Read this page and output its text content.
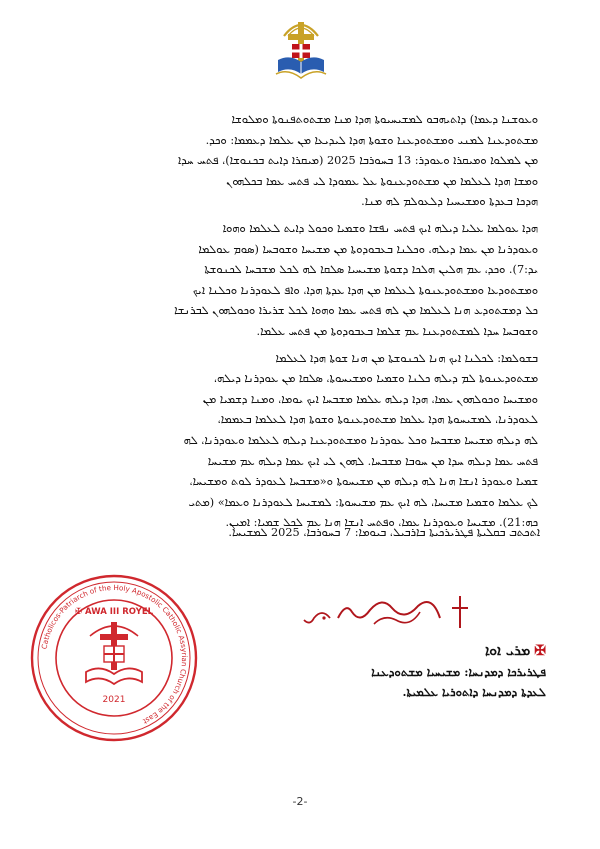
ܘܥܘܫܢܐ ܕܥܡܐ) ܕܐܬܝܗܒܘ ܠܡܫܝܚܝܘܬܐ ܗܕܐ ܡܢܐ ܡܫܬܘܬܦܢܘܬܐ ܘܡܠܘܫܐ

ܡܫܬܘܕܥܢܐ ܠܡܢܝ ܘܡܫܬܘܕܥܢܐ ܘܫܘܬܐ ܗܕܐ ܠܝܕܝܥܐ ܡܢ ܥܠܡܐ ܕܥܡܡܐ: ܘܟܕ.

ܡܢ ܠܡܠܘܐ ܘܡܝܩܪܐ ܘܥܘܕܪ: 13 ܒܚܘܪܒܐ 2025 (ܡܝܩܪܐ ܕܐܝܬ ܒܟܢܘܫܐ)، ܦܬܚ ܚܕܐ

ܘܡܫܐ ܗܕܐ ܠܥܠܡܐ ܡܢ ܡܫܬܘܕܥܢܘܬܐ ܥܠ ܥܡܘܕܐ ܠܝ ܦܬܚ ܥܡܐ ܒܟܠܗܘܢ

ܗܕܟܐ ܒܥܕܬܐ ܘܡܫܝܚܝܐ ܕܠܥܘܠܡ ܠܗ ܡܢܐ.

ܗܕܐ ܥܘܠܡܐ ܥܠܝܐ ܕܝܠܗ ܐܝܟ ܦܬܚ ܢܦܫܐ ܘܫܡܝܐ ܘܟܘܠ ܕܐܝܬ ܠܥܠܡܐ ܘܗܘܐ

ܘܥܘܕܪܢܐ ܡܢ ܥܡܐ ܕܝܠܗ، ܘܟܠܢܐ ܒܥܒܘܕܘܬܐ ܡܢ ܡܫܝܚܐ ܘܫܘܒܚܐ (ܣܘܡ ܥܘܠܡܐ

ܝܕ:7). ܘܟܕ، ܥܡ ܗܠܝܢ ܗܠܟܐ ܕܫܘܬܐ ܡܫܝܚܝܐ ܣܠܩܐ ܠܗ ܠܟܠ ܡܫܒܚܐ ܠܟܢܘܫܬܐ

ܘܡܫܬܘܕܥܐ ܘܡܫܬܘܕܥܢܘܬܐ ܠܥܠܡܐ ܡܢ ܗܕܐ ܥܕܬܐ ܗܕܐ، ܘܐܦ ܠܥܘܕܪܢܐ ܘܟܠܢܐ ܐܝܟ

ܟܠ ܕܡܫܬܘܕܥ ܗܢܐ ܠܥܠܡܐ ܡܢ ܠܗ ܦܬܚ ܥܡܐ ܘܗܘܐ ܠܟܠ ܫܪܝܪܐ ܘܟܘܠܗܘܢ ܠܒܪܢܫܐ

ܘܫܘܒܚܐ ܚܕܐ ܠܡܫܬܘܕܥܢܐ ܥܡ ܫܠܡܐ ܒܥܒܘܕܘܬܐ ܡܢ ܦܬܚ ܥܠܡܐ.

ܒܫܘܠܡܐ: ܠܟܠܢܐ ܐܝܟ ܗܢܐ ܠܟܢܘܫܬܐ ܡܢ ܗܢܐ ܫܘܬܐ ܗܕܐ ܠܥܠܡܐ

ܡܫܬܘܕܥܢܘܬܐ ܠܡ ܕܝܠܗ ܟܠܢܐ ܘܫܡܝܐ ܘܡܫܝܚܘܬܐ، ܣܠܩܐ ܡܢ ܥܘܕܪܢܐ ܕܝܠܗ،

ܘܡܫܝܚܐ ܘܟܘܠܗܘܢ ܥܡܐ، ܗܕܐ ܕܝܠܗ ܥܠܡܐ ܡܫܒܚܐ ܐܝܟ ܝܘܡܐ، ܘܡܢܐ ܕܫܡܝܐ ܡܢ

ܠܥܘܕܪܢܐ، ܠܡܫܝܚܘܬܐ ܗܕܐ ܥܠܡܐ ܡܫܬܘܕܥܢܘܬܐ ܘܫܘܬܐ ܗܕܐ ܠܥܠܡܐ ܒܥܡܡܐ،

ܠܗ ܕܝܠܗ ܡܫܝܚܐ ܡܫܒܚܐ ܘܟܠ ܥܘܕܪܢܐ ܘܡܫܬܘܕܥܢܐ ܕܝܠܗ ܠܥܠܡܐ ܘܥܘܕܪܢܐ، ܠܗ

ܦܬܚ ܥܡܐ ܕܝܠܗ ܚܕܐ ܡܢ ܚܘܒܐ ܡܫܒܚܐ. ܠܗܘܢ ܠܝ ܐܝܟ ܥܡܐ ܕܝܠܗ ܥܡ ܡܫܝܚܐ

ܫܡܝܐ ܘܥܘܕܪ ܐܢܫܐ ܗܢܐ ܠܗ ܕܝܠܗ ܡܢ ܡܫܝܚܘܬܐ ܘ«ܡܫܒܚܐ ܠܥܘܕܪ ܠܘܬ ܘܡܫܝܚܐ،

ܠܟ ܥܠܡܐ ܘܫܡܝܐ ܡܫܝܚܐ، ܠܗ ܐܝܟ ܥܡ ܡܫܝܚܘܬܐ: ܠܡܫܝܚܐ ܠܥܘܕܪܢܐ ܘܥܡܐ» (ܡܬܝ

ܟܗ:21). ܡܫܝܚܐ ܘܥܘܕܪܢܐ ܥܡܐ، ܘܦܬܚ ܐܢܫܐ ܗܢܐ ܥܡ ܠܟܠ ܫܡܝܐ: ܐܡܝܢ.

ܐܬܟܬܒ ܒܩܠܝܬܐ ܦܛܪܝܪܟܝܬܐ ܒܐܪܒܝܠ، ܒܝܘܡܐ: 7 ܒܚܘܪܒܐ، 2025 ܠܡܫܝܚܐ.

✠ܡܪܝ ܐܘܐ

ܦܛܪܝܪܟܐ ܕܡܕܢܚܐ: ܡܫܝܚܝܐ ܡܫܬܘܕܥܢܐ

ܠܥܕܬܐ ܕܡܕܢܚܐ ܕܐܬܘܪܝܐ ܥܠܡܝܬܐ.

Catholicos-Patriarch of the Holy Apostolic Catholic Assyrian Church of the East
✠ AWA III ROYEL
2021
-2-
